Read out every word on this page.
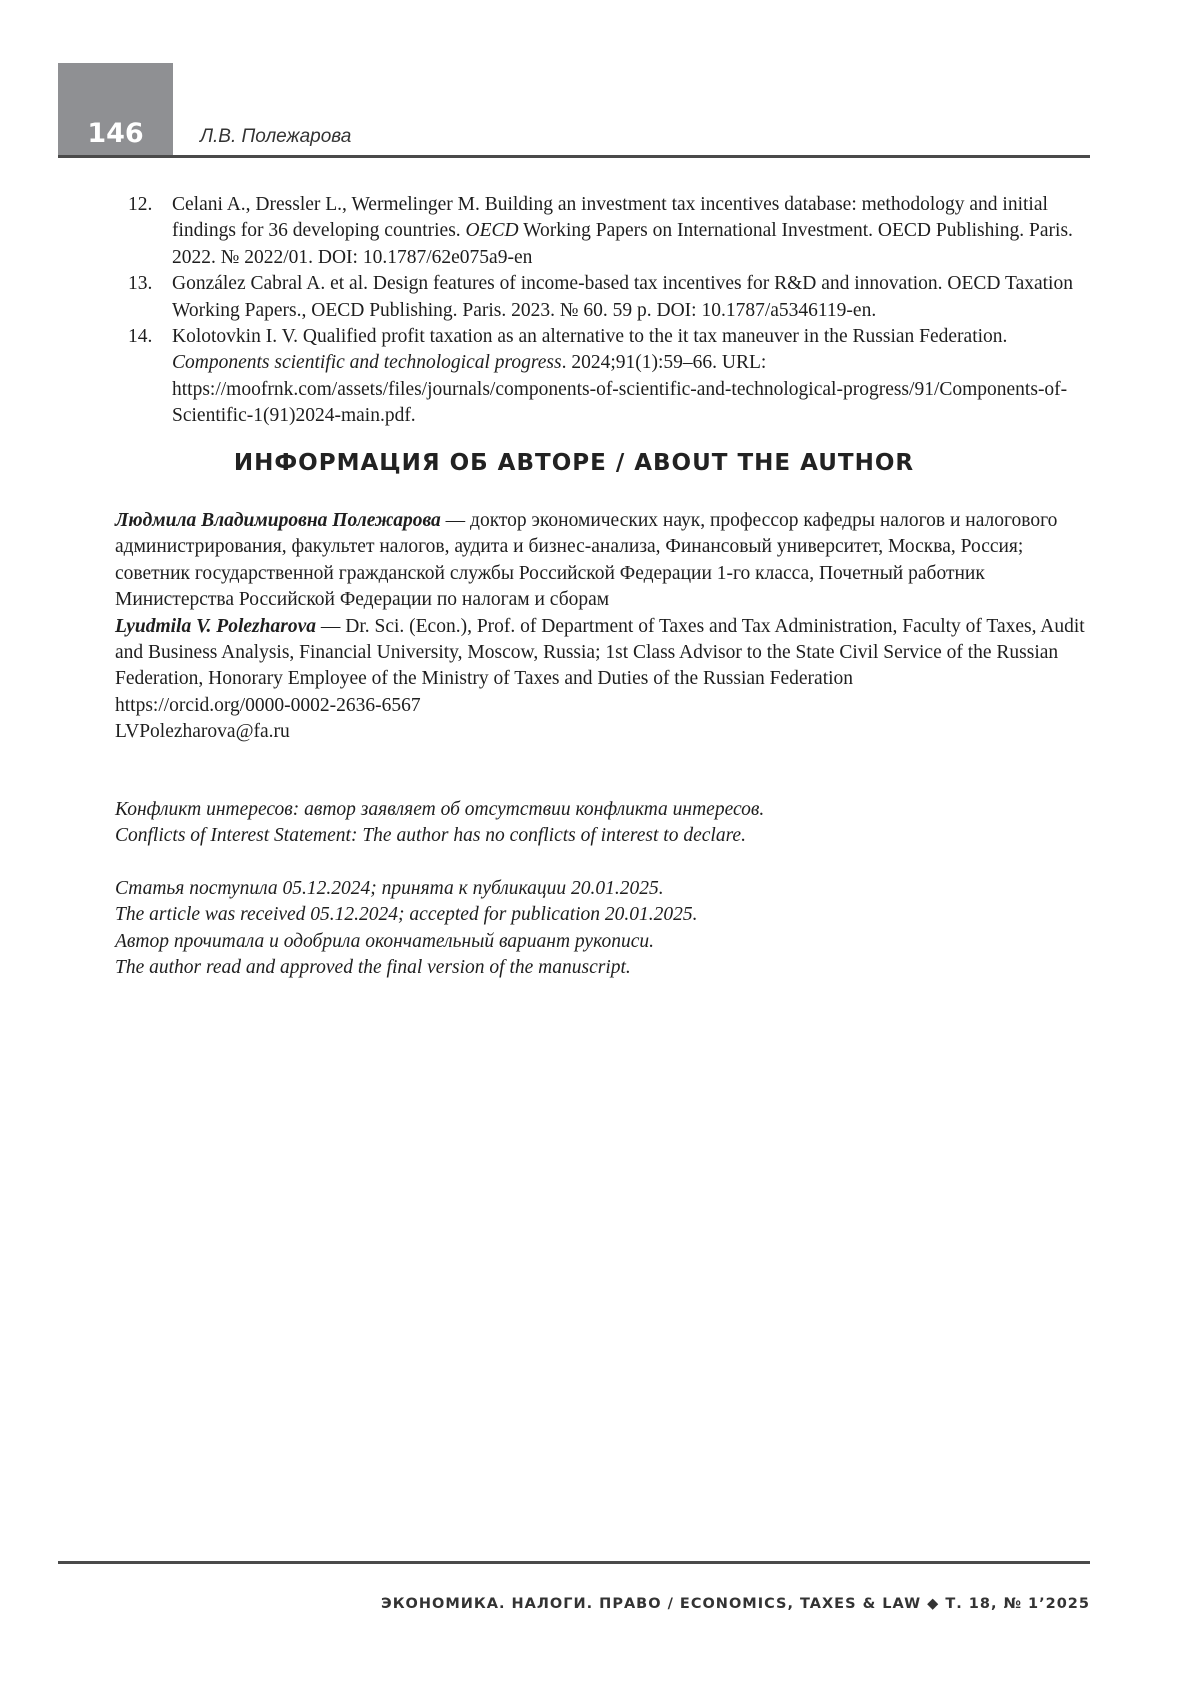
146	Л.В. Полежарова
12. Celani A., Dressler L., Wermelinger M. Building an investment tax incentives database: methodology and initial findings for 36 developing countries. OECD Working Papers on International Investment. OECD Publishing. Paris. 2022. № 2022/01. DOI: 10.1787/62e075a9-en
13. González Cabral A. et al. Design features of income-based tax incentives for R&D and innovation. OECD Taxation Working Papers., OECD Publishing. Paris. 2023. № 60. 59 p. DOI: 10.1787/a5346119-en.
14. Kolotovkin I. V. Qualified profit taxation as an alternative to the it tax maneuver in the Russian Federation. Components scientific and technological progress. 2024;91(1):59–66. URL: https://moofrnk.com/assets/files/journals/components-of-scientific-and-technological-progress/91/Components-of-Scientific-1(91)2024-main.pdf.
ИНФОРМАЦИЯ ОБ АВТОРЕ / ABOUT THE AUTHOR

Людмила Владимировна Полежарова — доктор экономических наук, профессор кафедры налогов и налогового администрирования, факультет налогов, аудита и бизнес-анализа, Финансовый университет, Москва, Россия; советник государственной гражданской службы Российской Федерации 1-го класса, Почетный работник Министерства Российской Федерации по налогам и сборам

Lyudmila V. Polezharova — Dr. Sci. (Econ.), Prof. of Department of Taxes and Tax Administration, Faculty of Taxes, Audit and Business Analysis, Financial University, Moscow, Russia; 1st Class Advisor to the State Civil Service of the Russian Federation, Honorary Employee of the Ministry of Taxes and Duties of the Russian Federation

https://orcid.org/0000-0002-2636-6567

LVPolezharova@fa.ru

Конфликт интересов: автор заявляет об отсутствии конфликта интересов.

Conflicts of Interest Statement: The author has no conflicts of interest to declare.

Статья поступила 05.12.2024; принята к публикации 20.01.2025.

The article was received 05.12.2024; accepted for publication 20.01.2025.

Автор прочитала и одобрила окончательный вариант рукописи.

The author read and approved the final version of the manuscript.

ЭКОНОМИКА. НАЛОГИ. ПРАВО / ECONOMICS, TAXES & LAW ◆ Т. 18, № 1’2025
